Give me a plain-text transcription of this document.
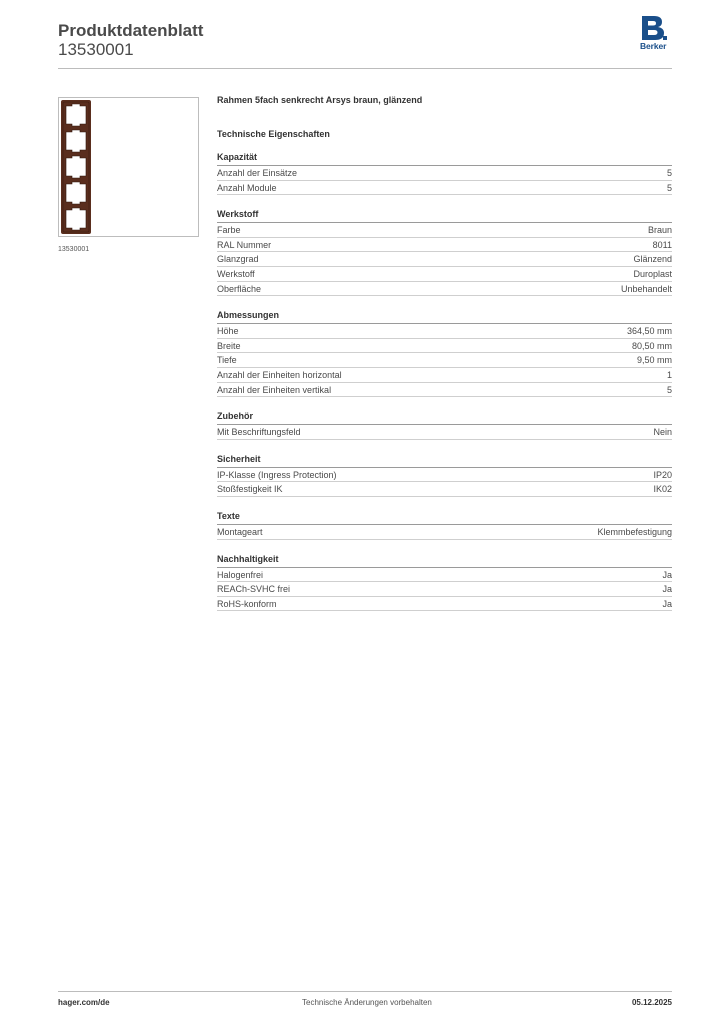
Produktdatenblatt
13530001	Berker
13530001
Rahmen 5fach senkrecht Arsys braun, glänzend
Technische Eigenschaften
Kapazität
Anzahl der Einsätze	5
Anzahl Module	5
Werkstoff
Farbe	Braun
RAL Nummer	8011
Glanzgrad	Glänzend
Werkstoff	Duroplast
Oberfläche	Unbehandelt
Abmessungen
Höhe	364,50 mm
Breite	80,50 mm
Tiefe	9,50 mm
Anzahl der Einheiten horizontal	1
Anzahl der Einheiten vertikal	5
Zubehör
Mit Beschriftungsfeld	Nein
Sicherheit
IP-Klasse (Ingress Protection)	IP20
Stoßfestigkeit IK	IK02
Texte
Montageart	Klemmbefestigung
Nachhaltigkeit
Halogenfrei	Ja
REACh-SVHC frei	Ja
RoHS-konform	Ja
hager.com/de	Technische Änderungen vorbehalten	05.12.2025
